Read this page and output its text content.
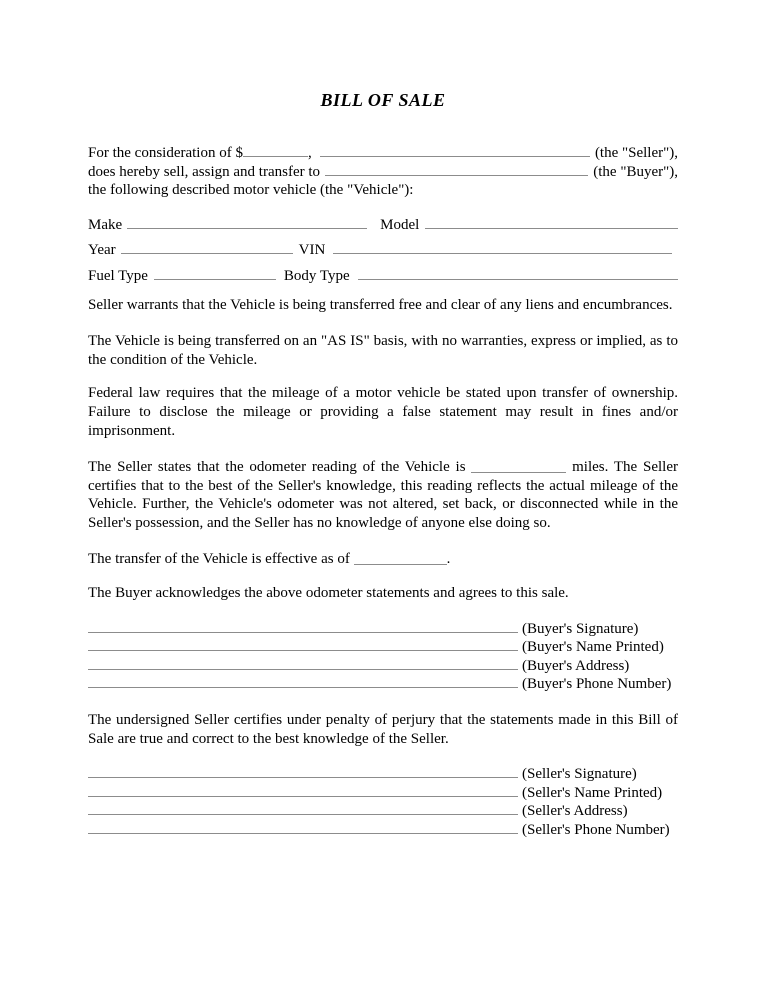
BILL OF SALE
For the consideration of $	,	(the "Seller"),
does hereby sell, assign and transfer to	(the "Buyer"),
the following described motor vehicle (the "Vehicle"):
Make	Model
Year	VIN
Fuel Type	Body Type

Seller warrants that the Vehicle is being transferred free and clear of any liens and encumbrances.

The Vehicle is being transferred on an "AS IS" basis, with no warranties, express or implied, as to the condition of the Vehicle.

Federal law requires that the mileage of a motor vehicle be stated upon transfer of ownership. Failure to disclose the mileage or providing a false statement may result in fines and/or imprisonment.

The Seller states that the odometer reading of the Vehicle is	miles. The Seller certifies that to the best of the Seller's knowledge, this reading reflects the actual mileage of the Vehicle. Further, the Vehicle's odometer was not altered, set back, or disconnected while in the Seller's possession, and the Seller has no knowledge of anyone else doing so.

The transfer of the Vehicle is effective as of	.

The Buyer acknowledges the above odometer statements and agrees to this sale.

(Buyer's Signature)
(Buyer's Name Printed)
(Buyer's Address)
(Buyer's Phone Number)

The undersigned Seller certifies under penalty of perjury that the statements made in this Bill of Sale are true and correct to the best knowledge of the Seller.

(Seller's Signature)
(Seller's Name Printed)
(Seller's Address)
(Seller's Phone Number)
